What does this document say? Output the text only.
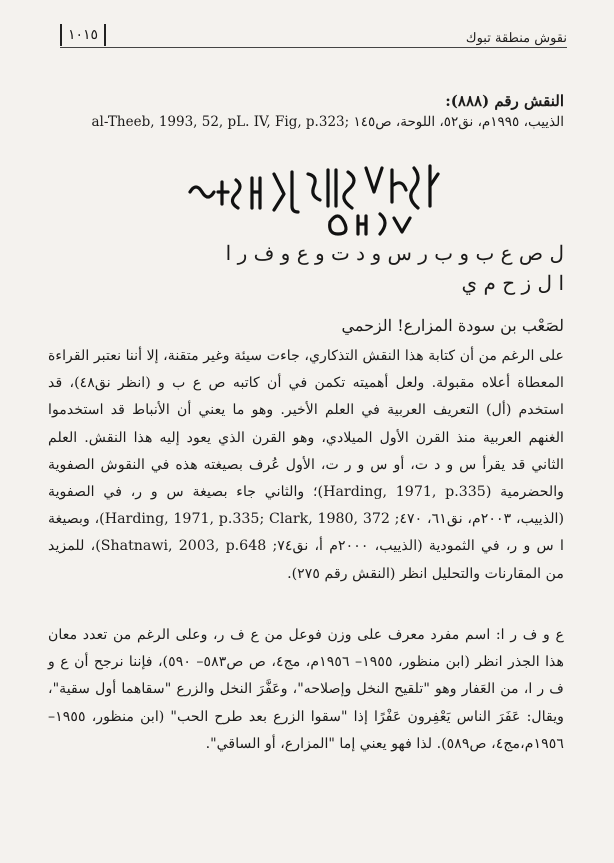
١٠١٥	نقوش منطقة تبوك
النقش رقم (٨٨٨):
الذييب، ١٩٩٥م، نق٥٢، اللوحة، ص١٤٥ ;al-Theeb, 1993, 52, pL. IV, Fig, p.323
ل ص ع ب و ب ر س و د ت و ع و ف ر ا
ا ل ز ح م ي
لصَعْب بن سودة المزارع! الزحمي

على الرغم من أن كتابة هذا النقش التذكاري، جاءت سيئة وغير متقنة، إلا أننا نعتبر القراءة المعطاة أعلاه مقبولة. ولعل أهميته تكمن في أن كاتبه ص ع ب و (انظر نق٤٨)، قد استخدم (أل) التعريف العربية في العلم الأخير. وهو ما يعني أن الأنباط قد استخدموا الغنهم العربية منذ القرن الأول الميلادي، وهو القرن الذي يعود إليه هذا النقش. العلم الثاني قد يقرأ س و د ت، أو س و ر ت، الأول عُرف بصيغته هذه في النقوش الصفوية والحضرمية (Harding, 1971, p.335)؛ والثاني جاء بصيغة س و ر، في الصفوية (الذييب، ٢٠٠٣م، نق٦١، ٤٧٠; Harding, 1971, p.335; Clark, 1980, 372)، وبصيغة ا س و ر، في الثمودية (الذييب، ٢٠٠٠م أ، نق٧٤; Shatnawi, 2003, p.648)، للمزيد من المقارنات والتحليل انظر (النقش رقم ٢٧٥).

ع و ف ر ا: اسم مفرد معرف على وزن فوعل من ع ف ر، وعلى الرغم من تعدد معان هذا الجذر انظر (ابن منظور، ١٩٥٥– ١٩٥٦م، مج٤، ص ص٥٨٣– ٥٩٠)، فإننا نرجح أن ع و ف ر ا، من العَفار وهو "تلقيح النخل وإصلاحه"، وعَفَّرَ النخل والزرع "سقاهما أول سقية"، ويقال: عَفَرَ الناس يَعْفِرون عَفْرًا إذا "سقوا الزرع بعد طرح الحب" (ابن منظور، ١٩٥٥– ١٩٥٦م،مج٤، ص٥٨٩). لذا فهو يعني إما "المزارع، أو الساقي".
